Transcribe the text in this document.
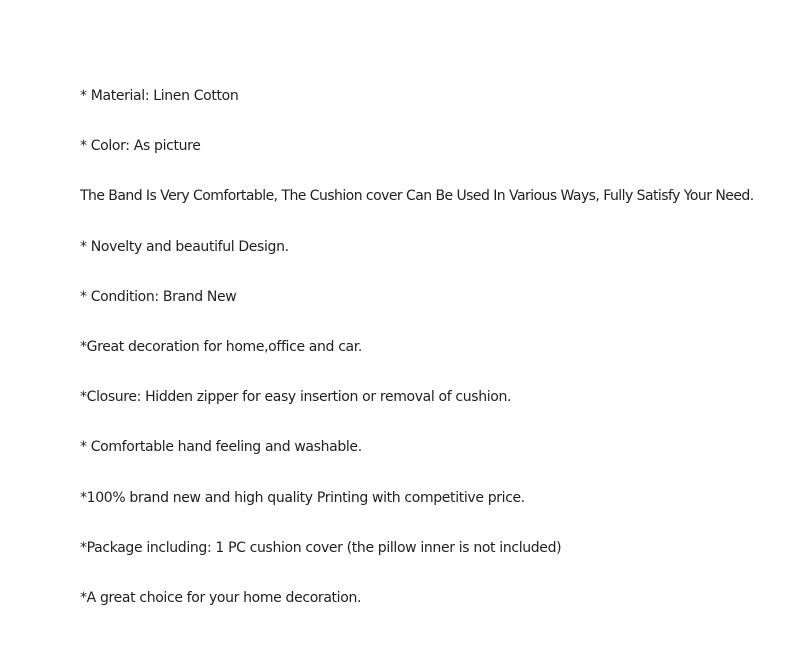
* Material: Linen Cotton
* Color: As picture
The Band Is Very Comfortable, The Cushion cover Can Be Used In Various Ways, Fully Satisfy Your Need.
* Novelty and beautiful Design.
* Condition: Brand New
*Great decoration for home,office and car.
*Closure: Hidden zipper for easy insertion or removal of cushion.
* Comfortable hand feeling and washable.
*100% brand new and high quality Printing with competitive price.
*Package including: 1 PC cushion cover (the pillow inner is not included)
*A great choice for your home decoration.
